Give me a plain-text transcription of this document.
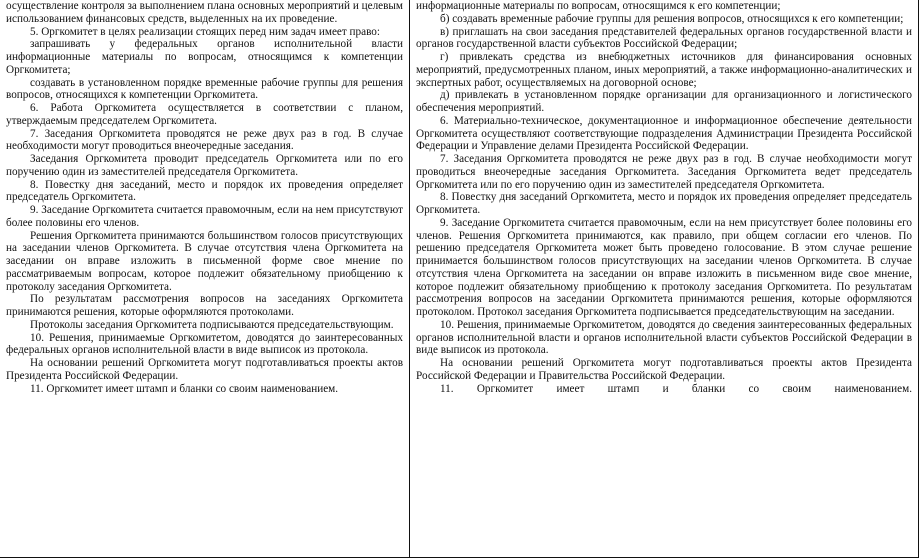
осуществление контроля за выполнением плана основных мероприятий и целевым использованием финансовых средств, выделенных на их проведение.

5. Оргкомитет в целях реализации стоящих перед ним задач имеет право:

запрашивать у федеральных органов исполнительной власти информационные материалы по вопросам, относящимся к компетенции Оргкомитета;

создавать в установленном порядке временные рабочие группы для решения вопросов, относящихся к компетенции Оргкомитета.

6. Работа Оргкомитета осуществляется в соответствии с планом, утверждаемым председателем Оргкомитета.

7. Заседания Оргкомитета проводятся не реже двух раз в год. В случае необходимости могут проводиться внеочередные заседания.

Заседания Оргкомитета проводит председатель Оргкомитета или по его поручению один из заместителей председателя Оргкомитета.

8. Повестку дня заседаний, место и порядок их проведения определяет председатель Оргкомитета.

9. Заседание Оргкомитета считается правомочным, если на нем присутствуют более половины его членов.

Решения Оргкомитета принимаются большинством голосов присутствующих на заседании членов Оргкомитета. В случае отсутствия члена Оргкомитета на заседании он вправе изложить в письменной форме свое мнение по рассматриваемым вопросам, которое подлежит обязательному приобщению к протоколу заседания Оргкомитета.

По результатам рассмотрения вопросов на заседаниях Оргкомитета принимаются решения, которые оформляются протоколами.

Протоколы заседания Оргкомитета подписываются председательствующим.

10. Решения, принимаемые Оргкомитетом, доводятся до заинтересованных федеральных органов исполнительной власти в виде выписок из протокола.

На основании решений Оргкомитета могут подготавливаться проекты актов Президента Российской Федерации.

11. Оргкомитет имеет штамп и бланки со своим наименованием.

информационные материалы по вопросам, относящимся к его компетенции;

б) создавать временные рабочие группы для решения вопросов, относящихся к его компетенции;

в) приглашать на свои заседания представителей федеральных органов государственной власти и органов государственной власти субъектов Российской Федерации;

г) привлекать средства из внебюджетных источников для финансирования основных мероприятий, предусмотренных планом, иных мероприятий, а также информационно-аналитических и экспертных работ, осуществляемых на договорной основе;

д) привлекать в установленном порядке организации для организационного и логистического обеспечения мероприятий.

6. Материально-техническое, документационное и информационное обеспечение деятельности Оргкомитета осуществляют соответствующие подразделения Администрации Президента Российской Федерации и Управление делами Президента Российской Федерации.

7. Заседания Оргкомитета проводятся не реже двух раз в год. В случае необходимости могут проводиться внеочередные заседания Оргкомитета. Заседания Оргкомитета ведет председатель Оргкомитета или по его поручению один из заместителей председателя Оргкомитета.

8. Повестку дня заседаний Оргкомитета, место и порядок их проведения определяет председатель Оргкомитета.

9. Заседание Оргкомитета считается правомочным, если на нем присутствует более половины его членов. Решения Оргкомитета принимаются, как правило, при общем согласии его членов. По решению председателя Оргкомитета может быть проведено голосование. В этом случае решение принимается большинством голосов присутствующих на заседании членов Оргкомитета. В случае отсутствия члена Оргкомитета на заседании он вправе изложить в письменном виде свое мнение, которое подлежит обязательному приобщению к протоколу заседания Оргкомитета. По результатам рассмотрения вопросов на заседании Оргкомитета принимаются решения, которые оформляются протоколом. Протокол заседания Оргкомитета подписывается председательствующим на заседании.

10. Решения, принимаемые Оргкомитетом, доводятся до сведения заинтересованных федеральных органов исполнительной власти и органов исполнительной власти субъектов Российской Федерации в виде выписок из протокола.

На основании решений Оргкомитета могут подготавливаться проекты актов Президента Российской Федерации и Правительства Российской Федерации.

11. Оргкомитет имеет штамп и бланки со своим наименованием.
